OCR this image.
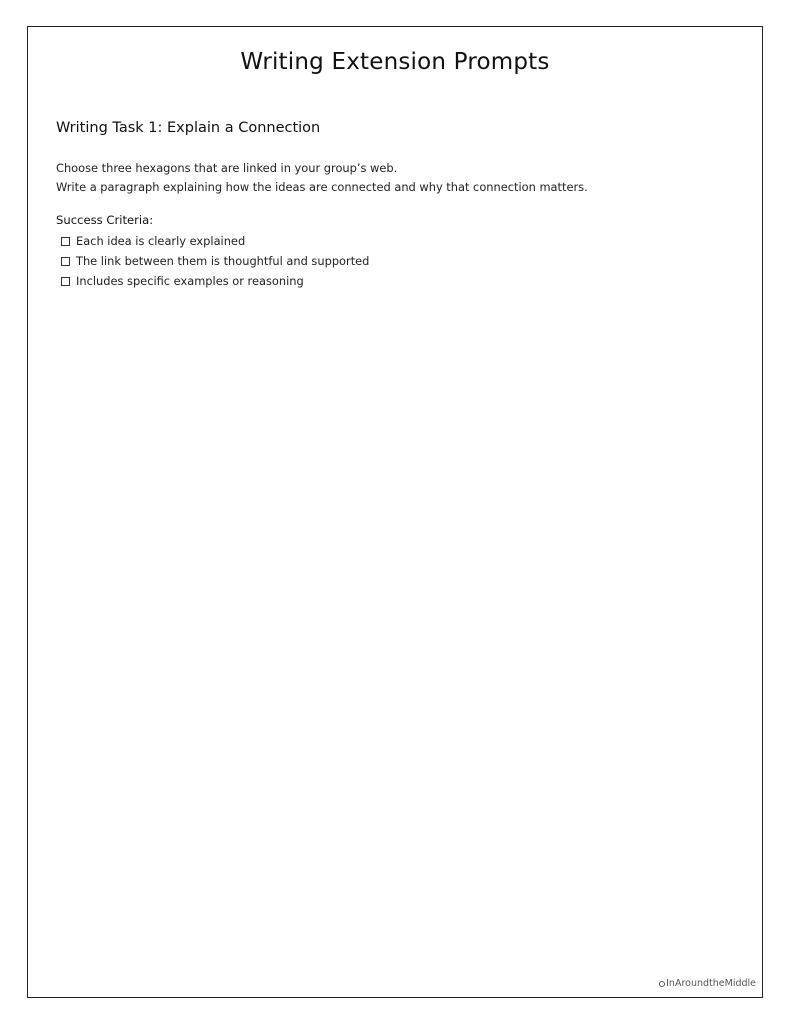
Writing Extension Prompts
Writing Task 1: Explain a Connection
Choose three hexagons that are linked in your group’s web.
Write a paragraph explaining how the ideas are connected and why that connection matters.
Success Criteria:
Each idea is clearly explained
The link between them is thoughtful and supported
Includes specific examples or reasoning
InAroundtheMiddle
